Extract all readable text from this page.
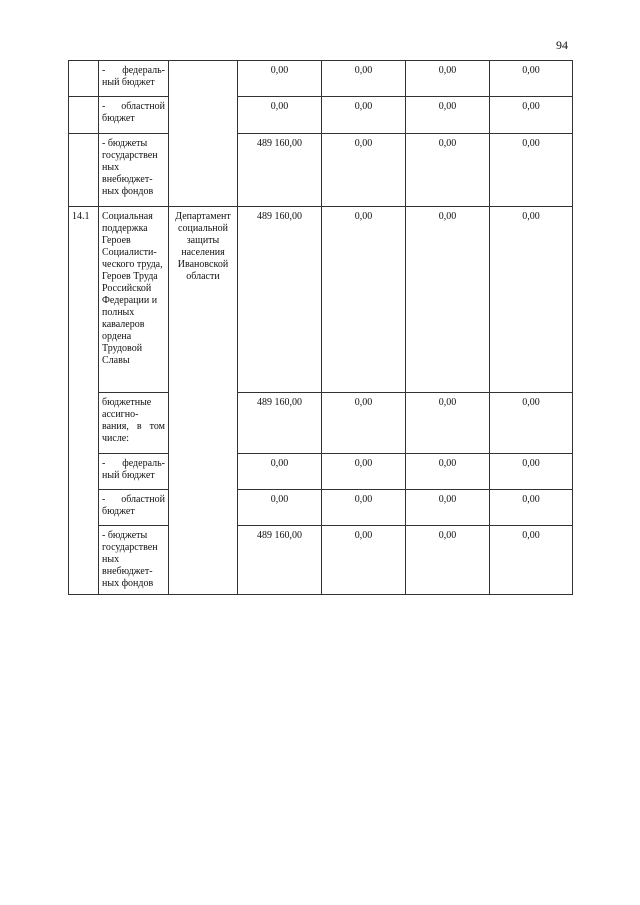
94
	- федераль-ный бюджет		0,00	0,00	0,00	0,00
	- областной бюджет		0,00	0,00	0,00	0,00
	- бюджеты государствен ных внебюджет-ных фондов		489 160,00	0,00	0,00	0,00
14.1	Социальная поддержка Героев Социалисти-ческого труда, Героев Труда Российской Федерации и полных кавалеров ордена Трудовой Славы	Департамент социальной защиты населения Ивановской области	489 160,00	0,00	0,00	0,00
	бюджетные ассигно-вания, в том числе:		489 160,00	0,00	0,00	0,00
	- федераль-ный бюджет		0,00	0,00	0,00	0,00
	- областной бюджет		0,00	0,00	0,00	0,00
	- бюджеты государствен ных внебюджет-ных фондов		489 160,00	0,00	0,00	0,00
